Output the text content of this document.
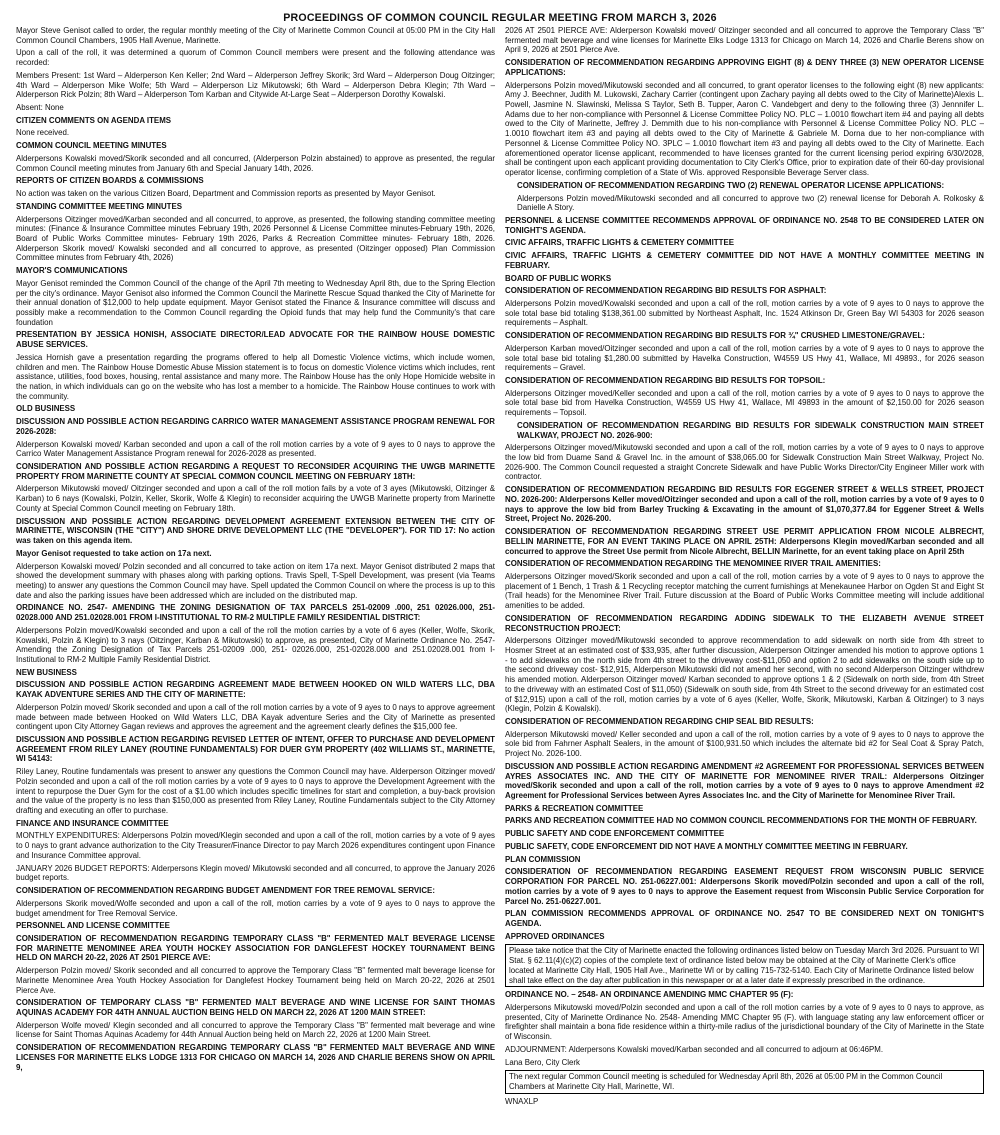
PROCEEDINGS OF COMMON COUNCIL REGULAR MEETING FROM MARCH 3, 2026

Mayor Steve Genisot called to order, the regular monthly meeting of the City of Marinette Common Council at 05:00 PM in the City Hall Common Council Chambers, 1905 Hall Avenue, Marinette.

Upon a call of the roll, it was determined a quorum of Common Council members were present and the following attendance was recorded:

Members Present: 1st Ward – Alderperson Ken Keller; 2nd Ward – Alderperson Jeffrey Skorik; 3rd Ward – Alderperson Doug Oitzinger; 4th Ward – Alderperson Mike Wolfe; 5th Ward – Alderperson Liz Mikutowski; 6th Ward – Alderperson Debra Klegin; 7th Ward – Alderperson Rick Polzin; 8th Ward – Alderperson Tom Karban and Citywide At-Large Seat – Alderperson Dorothy Kowalski.

Absent: None

CITIZEN COMMENTS ON AGENDA ITEMS

None received.

COMMON COUNCIL MEETING MINUTES

Alderpersons Kowalski moved/Skorik seconded and all concurred, (Alderperson Polzin abstained) to approve as presented, the regular Common Council meeting minutes from January 6th and Special January 14th, 2026.

REPORTS OF CITIZEN BOARDS & COMMISSIONS

No action was taken on the various Citizen Board, Department and Commission reports as presented by Mayor Genisot.

STANDING COMMITTEE MEETING MINUTES

Alderpersons Oitzinger moved/Karban seconded and all concurred, to approve, as presented, the following standing committee meeting minutes: (Finance & Insurance Committee minutes February 19th, 2026 Personnel & License Committee minutes-February 19th, 2026, Board of Public Works Committee minutes- February 19th 2026, Parks & Recreation Committee minutes- February 18th, 2026. Alderperson Skorik moved/ Kowalski seconded and all concurred to approve, as presented (Oitzinger opposed) Plan Commission Committee minutes from February 4th, 2026)

MAYOR'S COMMUNICATIONS

Mayor Genisot reminded the Common Council of the change of the April 7th meeting to Wednesday April 8th, due to the Spring Election per the city's ordinance. Mayor Genisot also informed the Common Council the Marinette Rescue Squad thanked the City of Marinette for their annual donation of $12,000 to help update equipment. Mayor Genisot stated the Finance & Insurance committee will discuss and possibly make a recommendation to the Common Council regarding the Opioid funds that may help fund the Community's that care foundation

PRESENTATION BY JESSICA HONISH, ASSOCIATE DIRECTOR/LEAD ADVOCATE FOR THE RAINBOW HOUSE DOMESTIC ABUSE SERVICES.

Jessica Hornish gave a presentation regarding the programs offered to help all Domestic Violence victims, which include women, children and men. The Rainbow House Domestic Abuse Mission statement is to focus on domestic Violence victims which includes, rent assistance, utilities, food boxes, housing, rental assistance and many more. The Rainbow House has the only Hope Homicide website in the nation, in which individuals can go on the website who has lost a member to a homicide. The Rainbow House continues to work with the community.

OLD BUSINESS

DISCUSSION AND POSSIBLE ACTION REGARDING CARRICO WATER MANAGEMENT ASSISTANCE PROGRAM RENEWAL FOR 2026-2028:

Alderperson Kowalski moved/ Karban seconded and upon a call of the roll motion carries by a vote of 9 ayes to 0 nays to approve the Carrico Water Management Assistance Program renewal for 2026-2028 as presented.

CONSIDERATION AND POSSIBLE ACTION REGARDING A REQUEST TO RECONSIDER ACQUIRING THE UWGB MARINETTE PROPERTY FROM MARINETTE COUNTY AT SPECIAL COMMON COUNCIL MEETING ON FEBRUARY 18TH:

Alderperson Mikutowski moved/ Oitzinger seconded and upon a call of the roll motion fails by a vote of 3 ayes (Mikutowski, Oitzinger & Karban) to 6 nays (Kowalski, Polzin, Keller, Skorik, Wolfe & Klegin) to reconsider acquiring the UWGB Marinette property from Marinette County at Special Common Council meeting on February 18th.

DISCUSSION AND POSSIBLE ACTION REGARDING DEVELOPMENT AGREEMENT EXTENSION BETWEEN THE CITY OF MARINETTE, WISCONSIN (THE "CITY") AND SHORE DRIVE DEVELOPMENT LLC (THE "DEVELOPER"). FOR TID 17: No action was taken on this agenda item.

Mayor Genisot requested to take action on 17a next.

Alderperson Kowalski moved/ Polzin seconded and all concurred to take action on item 17a next. Mayor Genisot distributed 2 maps that showed the development summary with phases along with parking options. Travis Spell, T-Spell Development, was present (via Teams meeting) to answer any questions the Common Council may have. Spell updated the Common Council on where the process is up to this date and also the parking issues have been addressed which are included on the distributed map.

ORDINANCE NO. 2547- AMENDING THE ZONING DESIGNATION OF TAX PARCELS 251-02009 .000, 251 02026.000, 251-02028.000 AND 251.02028.001 FROM I-INSTITUTIONAL TO RM-2 MULTIPLE FAMILY RESIDENTIAL DISTRICT:

Alderpersons Polzin moved/Kowalski seconded and upon a call of the roll the motion carries by a vote of 6 ayes (Keller, Wolfe, Skorik, Kowalski, Polzin & Klegin) to 3 nays (Oitzinger, Karban & Mikutowski) to approve, as presented, City of Marinette Ordinance No. 2547- Amending the Zoning Designation of Tax Parcels 251-02009 .000, 251- 02026.000, 251-02028.000 and 251.02028.001 from I-Institutional to RM-2 Multiple Family Residential District.

NEW BUSINESS

DISCUSSION AND POSSIBLE ACTION REGARDING AGREEMENT MADE BETWEEN HOOKED ON WILD WATERS LLC, DBA KAYAK ADVENTURE SERIES AND THE CITY OF MARINETTE:

Alderperson Polzin moved/ Skorik seconded and upon a call of the roll motion carries by a vote of 9 ayes to 0 nays to approve agreement made between made between Hooked on Wild Waters LLC, DBA Kayak adventure Series and the City of Marinette as presented contingent upon City Attorney Gagan reviews and approves the agreement and the agreement clearly defines the $15,000 fee.

DISCUSSION AND POSSIBLE ACTION REGARDING REVISED LETTER OF INTENT, OFFER TO PURCHASE AND DEVELOPMENT AGREEMENT FROM RILEY LANEY (ROUTINE FUNDAMENTALS) FOR DUER GYM PROPERTY (402 WILLIAMS ST., MARINETTE, WI 54143:

Riley Laney, Routine fundamentals was present to answer any questions the Common Council may have. Alderperson Oitzinger moved/ Polzin seconded and upon a call of the roll motion carries by a vote of 9 ayes to 0 nays to approve the Development Agreement with the intent to repurpose the Duer Gym for the cost of a $1.00 which includes specific timelines for start and completion, a buy-back provision and the value of the property is no less than $150,000 as presented from Riley Laney, Routine Fundamentals subject to the City Attorney drafting and executing an offer to purchase.

FINANCE AND INSURANCE COMMITTEE

MONTHLY EXPENDITURES: Alderpersons Polzin moved/Klegin seconded and upon a call of the roll, motion carries by a vote of 9 ayes to 0 nays to grant advance authorization to the City Treasurer/Finance Director to pay March 2026 expenditures contingent upon Finance and Insurance Committee approval.

JANUARY 2026 BUDGET REPORTS: Alderpersons Klegin moved/ Mikutowski seconded and all concurred, to approve the January 2026 budget reports.

CONSIDERATION OF RECOMMENDATION REGARDING BUDGET AMENDMENT FOR TREE REMOVAL SERVICE:

Alderpersons Skorik moved/Wolfe seconded and upon a call of the roll, motion carries by a vote of 9 ayes to 0 nays to approve the budget amendment for Tree Removal Service.

PERSONNEL AND LICENSE COMMITTEE

CONSIDERATION OF RECOMMENDATION REGARDING TEMPORARY CLASS "B" FERMENTED MALT BEVERAGE LICENSE FOR MARINETTE MENOMINEE AREA YOUTH HOCKEY ASSOCIATION FOR DANGLEFEST HOCKEY TOURNAMENT BEING HELD ON MARCH 20-22, 2026 AT 2501 PIERCE AVE:

Alderperson Polzin moved/ Skorik seconded and all concurred to approve the Temporary Class "B" fermented malt beverage license for Marinette Menominee Area Youth Hockey Association for Danglefest Hockey Tournament being held on March 20-22, 2026 at 2501 Pierce Ave.

CONSIDERATION OF TEMPORARY CLASS "B" FERMENTED MALT BEVERAGE AND WINE LICENSE FOR SAINT THOMAS AQUINAS ACADEMY FOR 44TH ANNUAL AUCTION BEING HELD ON MARCH 22, 2026 AT 1200 MAIN STREET:

Alderperson Wolfe moved/ Klegin seconded and all concurred to approve the Temporary Class "B" fermented malt beverage and wine license for Saint Thomas Aquinas Academy for 44th Annual Auction being held on March 22, 2026 at 1200 Main Street.

CONSIDERATION OF RECOMMENDATION REGARDING TEMPORARY CLASS "B" FERMENTED MALT BEVERAGE AND WINE LICENSES FOR MARINETTE ELKS LODGE 1313 FOR CHICAGO ON MARCH 14, 2026 AND CHARLIE BERENS SHOW ON APRIL 9,

2026 AT 2501 PIERCE AVE: Alderperson Kowalski moved/ Oitzinger seconded and all concurred to approve the Temporary Class "B" fermented malt beverage and wine licenses for Marinette Elks Lodge 1313 for Chicago on March 14, 2026 and Charlie Berens show on April 9, 2026 at 2501 Pierce Ave.

CONSIDERATION OF RECOMMENDATION REGARDING APPROVING EIGHT (8) & DENY THREE (3) NEW OPERATOR LICENSE APPLICATIONS:

Alderpersons Polzin moved/Mikutowski seconded and all concurred, to grant operator licenses to the following eight (8) new applicants: Amy J. Beechner, Judith M. Lukowski, Zachary Carrier (contingent upon Zachary paying all debts owed to the City of Marinette)Alexis L. Powell, Jasmine N. Slawinski, Melissa S Taylor, Seth B. Tupper, Aaron C. Vandebgert and deny to the following three (3) Jennnifer L. Adams due to her non-compliance with Personnel & License Committee Policy NO. PLC – 1.0010 flowchart item #4 and paying all debts owed to the City of Marinette, Jeffrey J. Demmith due to his non-compliance with Personnel & License Committee Policy NO. PLC – 1.0010 flowchart item #3 and paying all debts owed to the City of Marinette & Gabriele M. Dorna due to her non-compliance with Personnel & License Committee Policy NO. 3PLC – 1.0010 flowchart item #3 and paying all debts owed to the City of Marinette. Each aforementioned operator license applicant, recommended to have licenses granted for the current licensing period expiring 6/30/2028, shall be contingent upon each applicant providing documentation to City Clerk's Office, prior to expiration date of their 60-day provisional operator license, confirming completion of a State of Wis. approved Responsible Beverage Server class.

CONSIDERATION OF RECOMMENDATION REGARDING TWO (2) RENEWAL OPERATOR LICENSE APPLICATIONS:

Alderpersons Polzin moved/Mikutowski seconded and all concurred to approve two (2) renewal license for Deborah A. Rolkosky & Danielle A Story.

PERSONNEL & LICENSE COMMITTEE RECOMMENDS APPROVAL OF ORDINANCE NO. 2548 TO BE CONSIDERED LATER ON TONIGHT'S AGENDA.

CIVIC AFFAIRS, TRAFFIC LIGHTS & CEMETERY COMMITTEE

CIVIC AFFAIRS, TRAFFIC LIGHTS & CEMETERY COMMITTEE DID NOT HAVE A MONTHLY COMMITTEE MEETING IN FEBRUARY.

BOARD OF PUBLIC WORKS

CONSIDERATION OF RECOMMENDATION REGARDING BID RESULTS FOR ASPHALT:

Alderpersons Polzin moved/Kowalski seconded and upon a call of the roll, motion carries by a vote of 9 ayes to 0 nays to approve the sole total base bid totaling $138,361.00 submitted by Northeast Asphalt, Inc. 1524 Atkinson Dr, Green Bay WI 54303 for 2026 season requirements – Asphalt.

CONSIDERATION OF RECOMMENDATION REGARDING BID RESULTS FOR ¾" CRUSHED LIMESTONE/GRAVEL:

Alderperson Karban moved/Oitzinger seconded and upon a call of the roll, motion carries by a vote of 9 ayes to 0 nays to approve the sole total base bid totaling $1,280.00 submitted by Havelka Construction, W4559 US Hwy 41, Wallace, MI 49893., for 2026 season requirements – Gravel.

CONSIDERATION OF RECOMMENDATION REGARDING BID RESULTS FOR TOPSOIL:

Alderpersons Oitzinger moved/Keller seconded and upon a call of the roll, motion carries by a vote of 9 ayes to 0 nays to approve the sole total base bid from Havelka Construction, W4559 US Hwy 41, Wallace, MI 49893 in the amount of $2,150.00 for 2026 season requirements – Topsoil.

CONSIDERATION OF RECOMMENDATION REGARDING BID RESULTS FOR SIDEWALK CONSTRUCTION MAIN STREET WALKWAY, PROJECT NO. 2026-900:

Alderpersons Oitzinger moved/Mikutowski seconded and upon a call of the roll, motion carries by a vote of 9 ayes to 0 nays to approve the low bid from Duame Sand & Gravel Inc. in the amount of $38,065.00 for Sidewalk Construction Main Street Walkway, Project No. 2026-900. The Common Council requested a straight Concrete Sidewalk and have Public Works Director/City Engineer Miller work with contractor.

CONSIDERATION OF RECOMMENDATION REGARDING BID RESULTS FOR EGGENER STREET & WELLS STREET, PROJECT NO. 2026-200: Alderpersons Keller moved/Oitzinger seconded and upon a call of the roll, motion carries by a vote of 9 ayes to 0 nays to approve the low bid from Barley Trucking & Excavating in the amount of $1,070,377.84 for Eggener Street & Wells Street, Project No. 2026-200.

CONSIDERATION OF RECOMMENDATION REGARDING STREET USE PERMIT APPLICATION FROM NICOLE ALBRECHT, BELLIN MARINETTE, FOR AN EVENT TAKING PLACE ON APRIL 25TH: Alderpersons Klegin moved/Karban seconded and all concurred to approve the Street Use permit from Nicole Albrecht, BELLIN Marinette, for an event taking place on April 25th

CONSIDERATION OF RECOMMENDATION REGARDING THE MENOMINEE RIVER TRAIL AMENITIES:

Alderpersons Oitzinger moved/Skorik seconded and upon a call of the roll, motion carries by a vote of 9 ayes to 0 nays to approve the placement of 1 Bench, 1 Trash & 1 Recycling receptor matching the current furnishings at Menekaunee Harbor on Ogden St and Eight St (Trail heads) for the Menominee River Trail. Future discussion at the Board of Public Works Committee meeting will include additional amenities to be added.

CONSIDERATION OF RECOMMENDATION REGARDING ADDING SIDEWALK TO THE ELIZABETH AVENUE STREET RECONSTRUCTION PROJECT:

Alderpersons Oitzinger moved/Mikutowski seconded to approve recommendation to add sidewalk on north side from 4th street to Hosmer Street at an estimated cost of $33,935, after further discussion, Alderperson Oitzinger amended his motion to approve options 1 - to add sidewalks on the north side from 4th street to the driveway cost-$11,050 and option 2 to add sidewalks on the south side up to the second driveway cost- $12,915, Alderperson Mikutowski did not amend her second, with no second Alderperson Oitzinger withdrew his amended motion. Alderperson Oitzinger moved/ Karban seconded to approve options 1 & 2 (Sidewalk on north side, from 4th Street to the driveway with an estimated Cost of $11,050) (Sidewalk on south side, from 4th Street to the second driveway for an estimated cost of $12,915) upon a call of the roll, motion carries by a vote of 6 ayes (Keller, Wolfe, Skorik, Mikutowski, Karban & Oitzinger) to 3 nays (Klegin, Polzin & Kowalski).

CONSIDERATION OF RECOMMENDATION REGARDING CHIP SEAL BID RESULTS:

Alderperson Mikutowski moved/ Keller seconded and upon a call of the roll, motion carries by a vote of 9 ayes to 0 nays to approve the sole bid from Fahrner Asphalt Sealers, in the amount of $100,931.50 which includes the alternate bid #2 for Seal Coat & Spray Patch, Project No. 2026-100.

DISCUSSION AND POSSIBLE ACTION REGARDING AMENDMENT #2 AGREEMENT FOR PROFESSIONAL SERVICES BETWEEN AYRES ASSOCIATES INC. AND THE CITY OF MARINETTE FOR MENOMINEE RIVER TRAIL: Alderpersons Oitzinger moved/Skorik seconded and upon a call of the roll, motion carries by a vote of 9 ayes to 0 nays to approve Amendment #2 Agreement for Professional Services between Ayres Associates Inc. and the City of Marinette for Menominee River Trail.

PARKS & RECREATION COMMITTEE

PARKS AND RECREATION COMMITTEE HAD NO COMMON COUNCIL RECOMMENDATIONS FOR THE MONTH OF FEBRUARY.

PUBLIC SAFETY AND CODE ENFORCEMENT COMMITTEE

PUBLIC SAFETY, CODE ENFORCEMENT DID NOT HAVE A MONTHLY COMMITTEE MEETING IN FEBRUARY.

PLAN COMMISSION

CONSIDERATION OF RECOMMENDATION REGARDING EASEMENT REQUEST FROM WISCONSIN PUBLIC SERVICE CORPORATION FOR PARCEL NO. 251-06227.001: Alderpersons Skorik moved/Polzin seconded and upon a call of the roll, motion carries by a vote of 9 ayes to 0 nays to approve the Easement request from Wisconsin Public Service Corporation for Parcel No. 251-06227.001.

PLAN COMMISSION RECOMMENDS APPROVAL OF ORDINANCE NO. 2547 TO BE CONSIDERED NEXT ON TONIGHT'S AGENDA.

APPROVED ORDINANCES

Please take notice that the City of Marinette enacted the following ordinances listed below on Tuesday March 3rd 2026. Pursuant to WI Stat. § 62.11(4)(c)(2) copies of the complete text of ordinance listed below may be obtained at the City of Marinette Clerk's office located at Marinette City Hall, 1905 Hall Ave., Marinette WI or by calling 715-732-5140. Each City of Marinette Ordinance listed below shall take effect on the day after publication in this newspaper or at a later date if expressly prescribed in the ordinance.

ORDINANCE NO. – 2548- AN ORDINANCE AMENDING MMC CHAPTER 95 (F):

Alderpersons Mikutowski moved/Polzin seconded and upon a call of the roll motion carries by a vote of 9 ayes to 0 nays to approve, as presented, City of Marinette Ordinance No. 2548- Amending MMC Chapter 95 (F). with language stating any law enforcement officer or firefighter shall maintain a bona fide residence within a thirty-mile radius of the jurisdictional boundary of the City of Marinette in the State of Wisconsin.

ADJOURNMENT: Alderpersons Kowalski moved/Karban seconded and all concurred to adjourn at 06:46PM.

Lana Bero, City Clerk

The next regular Common Council meeting is scheduled for Wednesday April 8th, 2026 at 05:00 PM in the Common Council Chambers at Marinette City Hall, Marinette, WI.

WNAXLP
